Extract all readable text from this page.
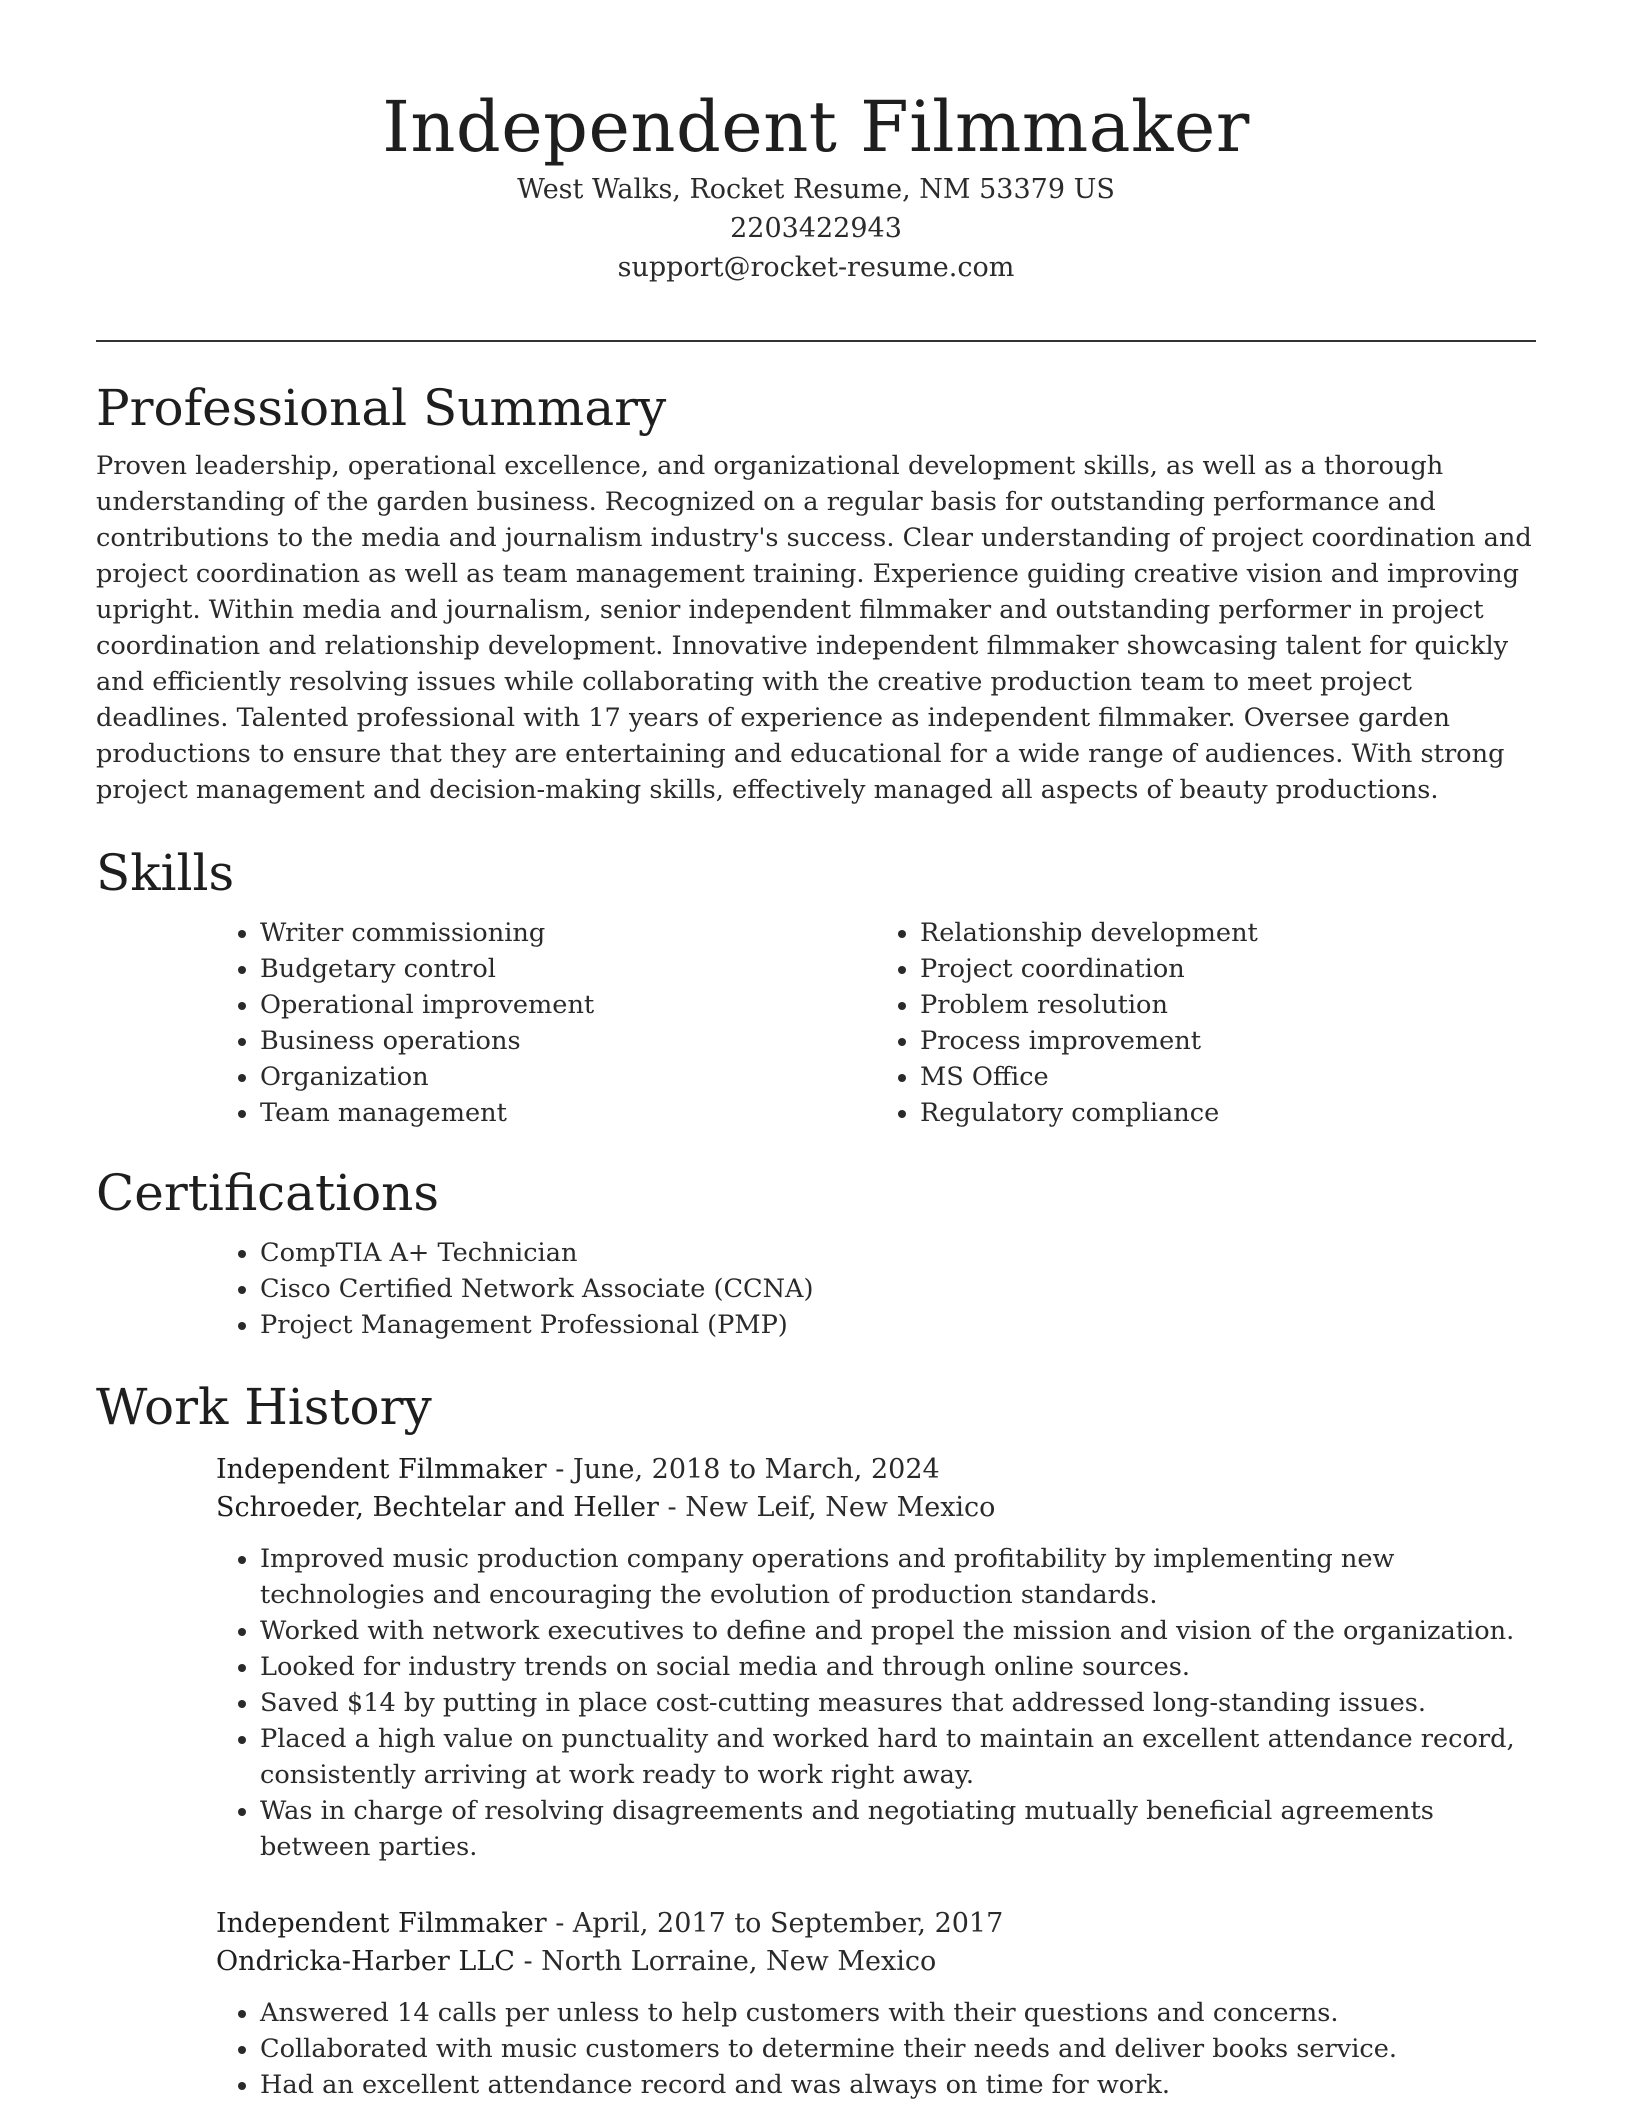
Independent Filmmaker
West Walks, Rocket Resume, NM 53379 US
2203422943
support@rocket-resume.com
Professional Summary

Proven leadership, operational excellence, and organizational development skills, as well as a thorough understanding of the garden business. Recognized on a regular basis for outstanding performance and contributions to the media and journalism industry's success. Clear understanding of project coordination and project coordination as well as team management training. Experience guiding creative vision and improving upright. Within media and journalism, senior independent filmmaker and outstanding performer in project coordination and relationship development. Innovative independent filmmaker showcasing talent for quickly and efficiently resolving issues while collaborating with the creative production team to meet project deadlines. Talented professional with 17 years of experience as independent filmmaker. Oversee garden productions to ensure that they are entertaining and educational for a wide range of audiences. With strong project management and decision-making skills, effectively managed all aspects of beauty productions.

Skills
• Writer commissioning
• Budgetary control
• Operational improvement
• Business operations
• Organization
• Team management
• Relationship development
• Project coordination
• Problem resolution
• Process improvement
• MS Office
• Regulatory compliance
Certifications
• CompTIA A+ Technician
• Cisco Certified Network Associate (CCNA)
• Project Management Professional (PMP)
Work History
Independent Filmmaker - June, 2018 to March, 2024
Schroeder, Bechtelar and Heller - New Leif, New Mexico
• Improved music production company operations and profitability by implementing new technologies and encouraging the evolution of production standards.
• Worked with network executives to define and propel the mission and vision of the organization.
• Looked for industry trends on social media and through online sources.
• Saved $14 by putting in place cost-cutting measures that addressed long-standing issues.
• Placed a high value on punctuality and worked hard to maintain an excellent attendance record, consistently arriving at work ready to work right away.
• Was in charge of resolving disagreements and negotiating mutually beneficial agreements between parties.
Independent Filmmaker - April, 2017 to September, 2017
Ondricka-Harber LLC - North Lorraine, New Mexico
• Answered 14 calls per unless to help customers with their questions and concerns.
• Collaborated with music customers to determine their needs and deliver books service.
• Had an excellent attendance record and was always on time for work.
